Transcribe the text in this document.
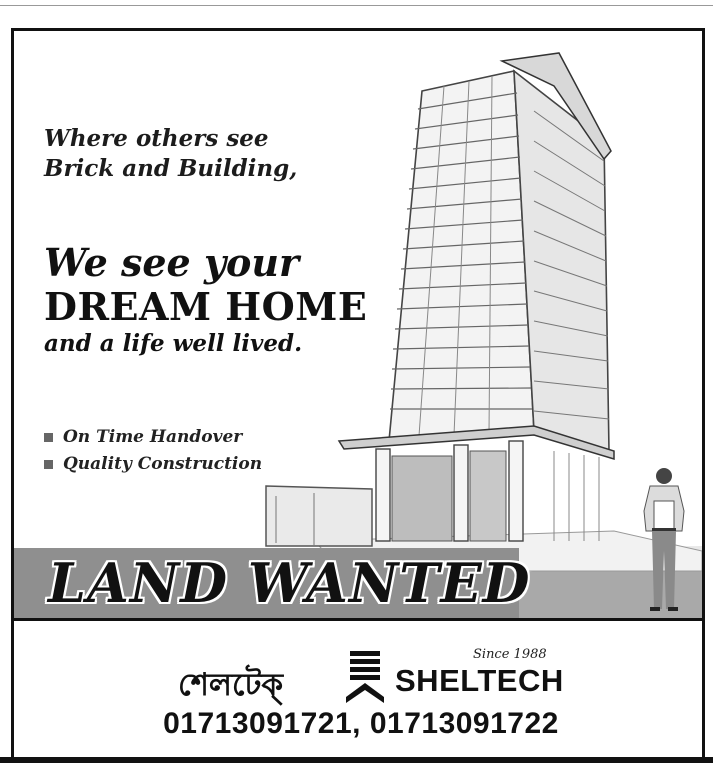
Where others see
Brick and Building,
We see your
DREAM HOME
and a life well lived.
On Time Handover
Quality Construction
LAND WANTED
শেলটেক্
Since 1988
SHELTECH
01713091721, 01713091722
